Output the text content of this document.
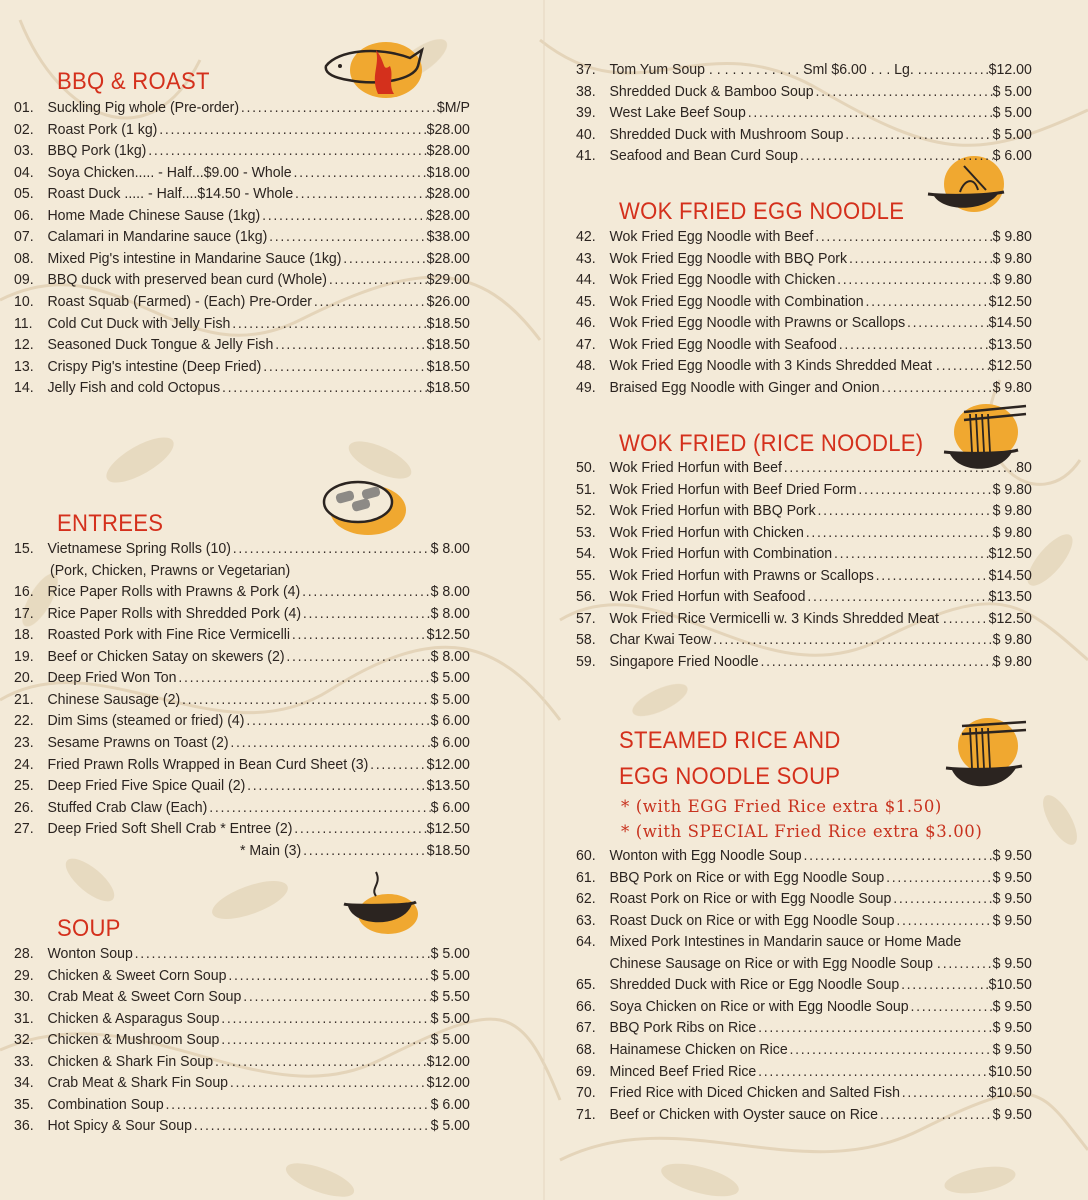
BBQ & ROAST
ENTREES
SOUP
WOK FRIED EGG NOODLE
WOK FRIED (RICE NOODLE)
STEAMED RICE AND
EGG NOODLE SOUP
* (with EGG Fried Rice extra $1.50)
* (with SPECIAL Fried Rice extra $3.00)
01. Suckling Pig whole (Pre-order) . . .	$M/P
02. Roast Pork (1 kg) . . .	$28.00
03. BBQ Pork (1kg) . . .	$28.00
04. Soya Chicken..... - Half...$9.00 - Whole . . .	$18.00
05. Roast Duck ..... - Half....$14.50 - Whole . . .	$28.00
06. Home Made Chinese Sause (1kg) . . .	$28.00
07. Calamari in Mandarine sauce (1kg) . . .	$38.00
08. Mixed Pig's intestine in Mandarine Sauce (1kg) . . .	$28.00
09. BBQ duck with preserved bean curd (Whole) . . .	$29.00
10. Roast Squab (Farmed) - (Each) Pre-Order . . .	$26.00
11. Cold Cut Duck with Jelly Fish . . .	$18.50
12. Seasoned Duck Tongue & Jelly Fish . . .	$18.50
13. Crispy Pig's intestine (Deep Fried) . . .	$18.50
14. Jelly Fish and cold Octopus . . .	$18.50
15. Vietnamese Spring Rolls (10) . . .	$ 8.00
(Pork, Chicken, Prawns or Vegetarian)
16. Rice Paper Rolls with Prawns & Pork (4) . . .	$ 8.00
17. Rice Paper Rolls with Shredded Pork (4) . . .	$ 8.00
18. Roasted Pork with Fine Rice Vermicelli . . .	$12.50
19. Beef or Chicken Satay on skewers (2) . . .	$ 8.00
20. Deep Fried Won Ton . . .	$ 5.00
21. Chinese Sausage (2) . . .	$ 5.00
22. Dim Sims (steamed or fried) (4) . . .	$ 6.00
23. Sesame Prawns on Toast (2) . . .	$ 6.00
24. Fried Prawn Rolls Wrapped in Bean Curd Sheet (3) . . .	$12.00
25. Deep Fried Five Spice Quail (2) . . .	$13.50
26. Stuffed Crab Claw (Each) . . .	$ 6.00
27. Deep Fried Soft Shell Crab * Entree (2) . . .	$12.50
* Main (3) . . .	$18.50
28. Wonton Soup . . .	$ 5.00
29. Chicken & Sweet Corn Soup . . .	$ 5.00
30. Crab Meat & Sweet Corn Soup . . .	$ 5.50
31. Chicken & Asparagus Soup . . .	$ 5.00
32. Chicken & Mushroom Soup . . .	$ 5.00
33. Chicken & Shark Fin Soup . . .	$12.00
34. Crab Meat & Shark Fin Soup . . .	$12.00
35. Combination Soup . . .	$ 6.00
36. Hot Spicy & Sour Soup . . .	$ 5.00
37. Tom Yum Soup . . . . . . . . . . . . Sml $6.00 . . . Lg. . . . .	$12.00
38. Shredded Duck & Bamboo Soup . . .	$ 5.00
39. West Lake Beef Soup . . .	$ 5.00
40. Shredded Duck with Mushroom Soup . . .	$ 5.00
41. Seafood and Bean Curd Soup . . .	$ 6.00
42. Wok Fried Egg Noodle with Beef . . .	$ 9.80
43. Wok Fried Egg Noodle with BBQ Pork . . .	$ 9.80
44. Wok Fried Egg Noodle with Chicken . . .	$ 9.80
45. Wok Fried Egg Noodle with Combination . . .	$12.50
46. Wok Fried Egg Noodle with Prawns or Scallops . . .	$14.50
47. Wok Fried Egg Noodle with Seafood . . .	$13.50
48. Wok Fried Egg Noodle with 3 Kinds Shredded Meat . . . .	$12.50
49. Braised Egg Noodle with Ginger and Onion . . .	$ 9.80
50. Wok Fried Horfun with Beef . . .	80
51. Wok Fried Horfun with Beef Dried Form . . .	$ 9.80
52. Wok Fried Horfun with BBQ Pork . . .	$ 9.80
53. Wok Fried Horfun with Chicken . . .	$ 9.80
54. Wok Fried Horfun with Combination . . .	$12.50
55. Wok Fried Horfun with Prawns or Scallops . . .	$14.50
56. Wok Fried Horfun with Seafood . . .	$13.50
57. Wok Fried Rice Vermicelli w. 3 Kinds Shredded Meat . . . .	$12.50
58. Char Kwai Teow . . .	$ 9.80
59. Singapore Fried Noodle . . .	$ 9.80
60. Wonton with Egg Noodle Soup . . .	$ 9.50
61. BBQ Pork on Rice or with Egg Noodle Soup . . .	$ 9.50
62. Roast Pork on Rice or with Egg Noodle Soup . . .	$ 9.50
63. Roast Duck on Rice or with Egg Noodle Soup . . .	$ 9.50
64. Mixed Pork Intestines in Mandarin sauce or Home Made
Chinese Sausage on Rice or with Egg Noodle Soup . . . .	$ 9.50
65. Shredded Duck with Rice or Egg Noodle Soup . . .	$10.50
66. Soya Chicken on Rice or with Egg Noodle Soup . . .	$ 9.50
67. BBQ Pork Ribs on Rice . . .	$ 9.50
68. Hainamese Chicken on Rice . . .	$ 9.50
69. Minced Beef Fried Rice . . .	$10.50
70. Fried Rice with Diced Chicken and Salted Fish . . .	$10.50
71. Beef or Chicken with Oyster sauce on Rice . . .	$ 9.50
